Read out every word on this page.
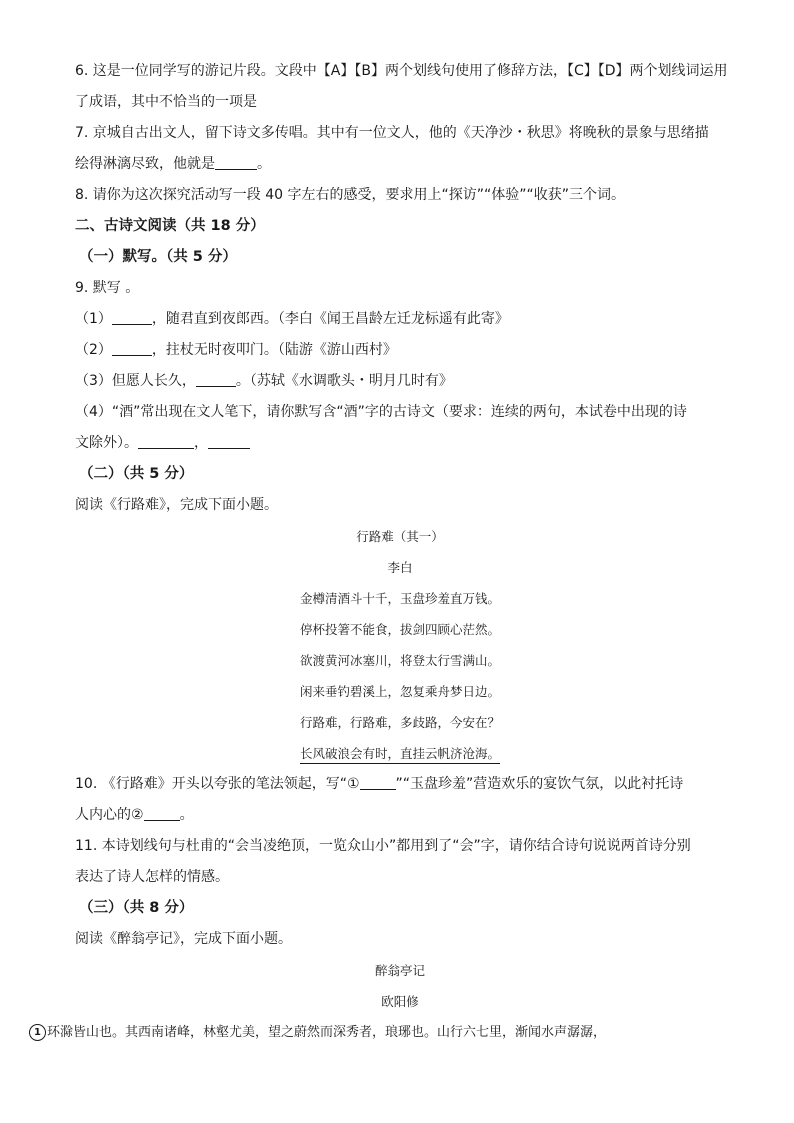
6. 这是一位同学写的游记片段。文段中【A】【B】两个划线句使用了修辞方法，【C】【D】两个划线词运用

了成语，其中不恰当的一项是

7. 京城自古出文人，留下诗文多传唱。其中有一位文人，他的《天净沙・秋思》将晚秋的景象与思绪描

绘得淋漓尽致，他就是	。

8. 请你为这次探究活动写一段 40 字左右的感受，要求用上“探访”“体验”“收获”三个词。

二、古诗文阅读（共 18 分）

（一）默写。（共 5 分）

9. 默写 。

（1）	，随君直到夜郎西。（李白《闻王昌龄左迁龙标遥有此寄》

（2）	，拄杖无时夜叩门。（陆游《游山西村》

（3）但愿人长久，	。（苏轼《水调歌头・明月几时有》

（4）“酒”常出现在文人笔下，请你默写含“酒”字的古诗文（要求：连续的两句，本试卷中出现的诗

文除外）。	，

（二）（共 5 分）

阅读《行路难》，完成下面小题。

行路难（其一）

李白

金樽清酒斗十千，玉盘珍羞直万钱。

停杯投箸不能食，拔剑四顾心茫然。

欲渡黄河冰塞川，将登太行雪满山。

闲来垂钓碧溪上，忽复乘舟梦日边。

行路难，行路难，多歧路，今安在？

长风破浪会有时，直挂云帆济沧海。

10. 《行路难》开头以夸张的笔法领起，写“①	”“玉盘珍羞”营造欢乐的宴饮气氛，以此衬托诗

人内心的②	。

11. 本诗划线句与杜甫的“会当凌绝顶，一览众山小”都用到了“会”字，请你结合诗句说说两首诗分别

表达了诗人怎样的情感。

（三）（共 8 分）

阅读《醉翁亭记》，完成下面小题。

醉翁亭记

欧阳修

1 环滁皆山也。其西南诸峰，林壑尤美，望之蔚然而深秀者，琅琊也。山行六七里，渐闻水声潺潺，
